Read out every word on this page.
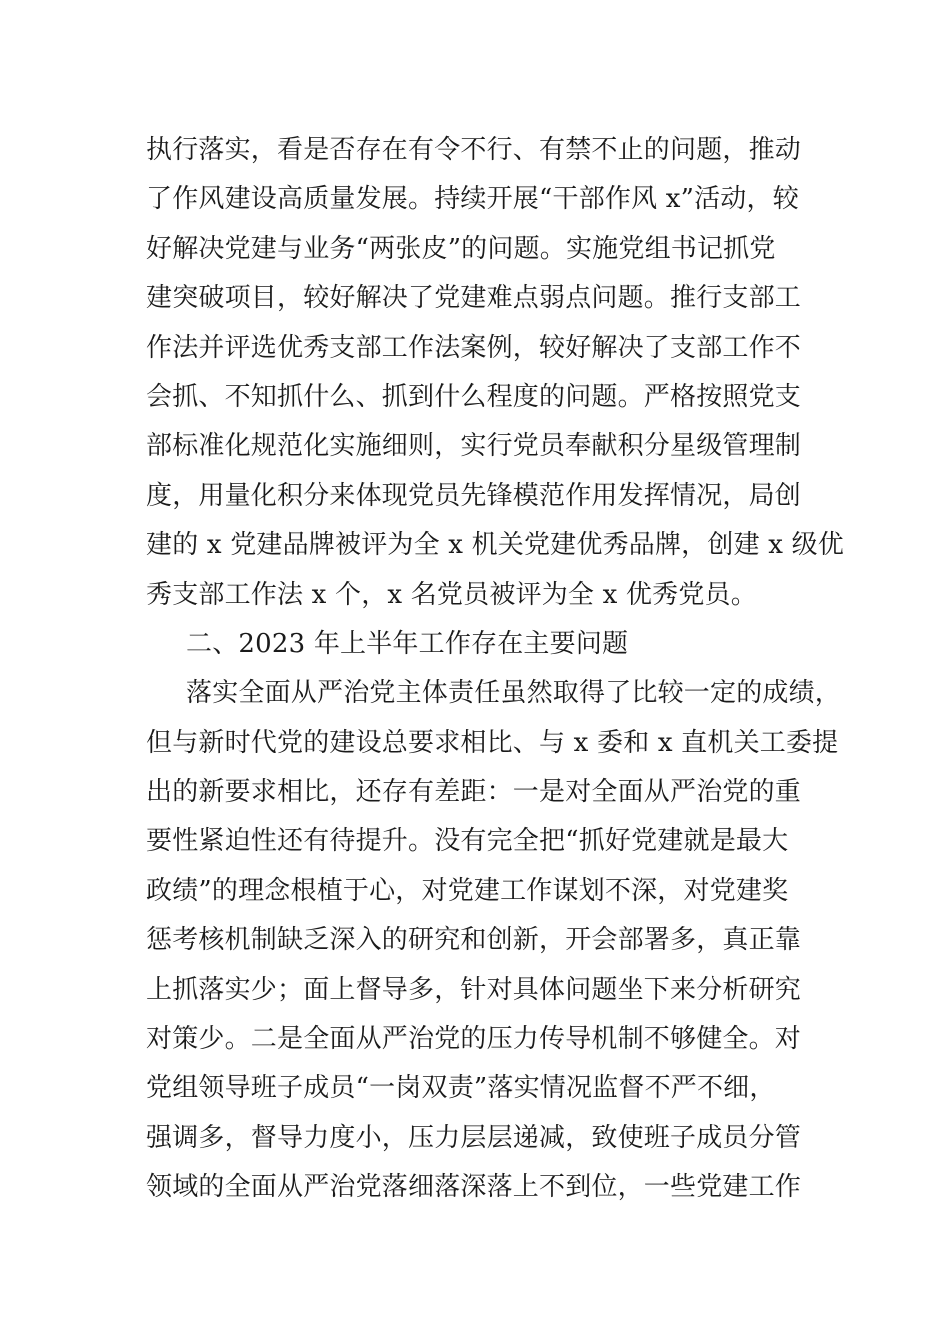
执行落实，看是否存在有令不行、有禁不止的问题，推动
了作风建设高质量发展。持续开展“干部作风 x”活动，较
好解决党建与业务“两张皮”的问题。实施党组书记抓党
建突破项目，较好解决了党建难点弱点问题。推行支部工
作法并评选优秀支部工作法案例，较好解决了支部工作不
会抓、不知抓什么、抓到什么程度的问题。严格按照党支
部标准化规范化实施细则，实行党员奉献积分星级管理制
度，用量化积分来体现党员先锋模范作用发挥情况，局创
建的 x 党建品牌被评为全 x 机关党建优秀品牌，创建 x 级优
秀支部工作法 x 个，x 名党员被评为全 x 优秀党员。
二、2023 年上半年工作存在主要问题
落实全面从严治党主体责任虽然取得了比较一定的成绩，
但与新时代党的建设总要求相比、与 x 委和 x 直机关工委提
出的新要求相比，还存有差距：一是对全面从严治党的重
要性紧迫性还有待提升。没有完全把“抓好党建就是最大
政绩”的理念根植于心，对党建工作谋划不深，对党建奖
惩考核机制缺乏深入的研究和创新，开会部署多，真正靠
上抓落实少；面上督导多，针对具体问题坐下来分析研究
对策少。二是全面从严治党的压力传导机制不够健全。对
党组领导班子成员“一岗双责”落实情况监督不严不细，
强调多，督导力度小，压力层层递减，致使班子成员分管
领域的全面从严治党落细落深落上不到位，一些党建工作
